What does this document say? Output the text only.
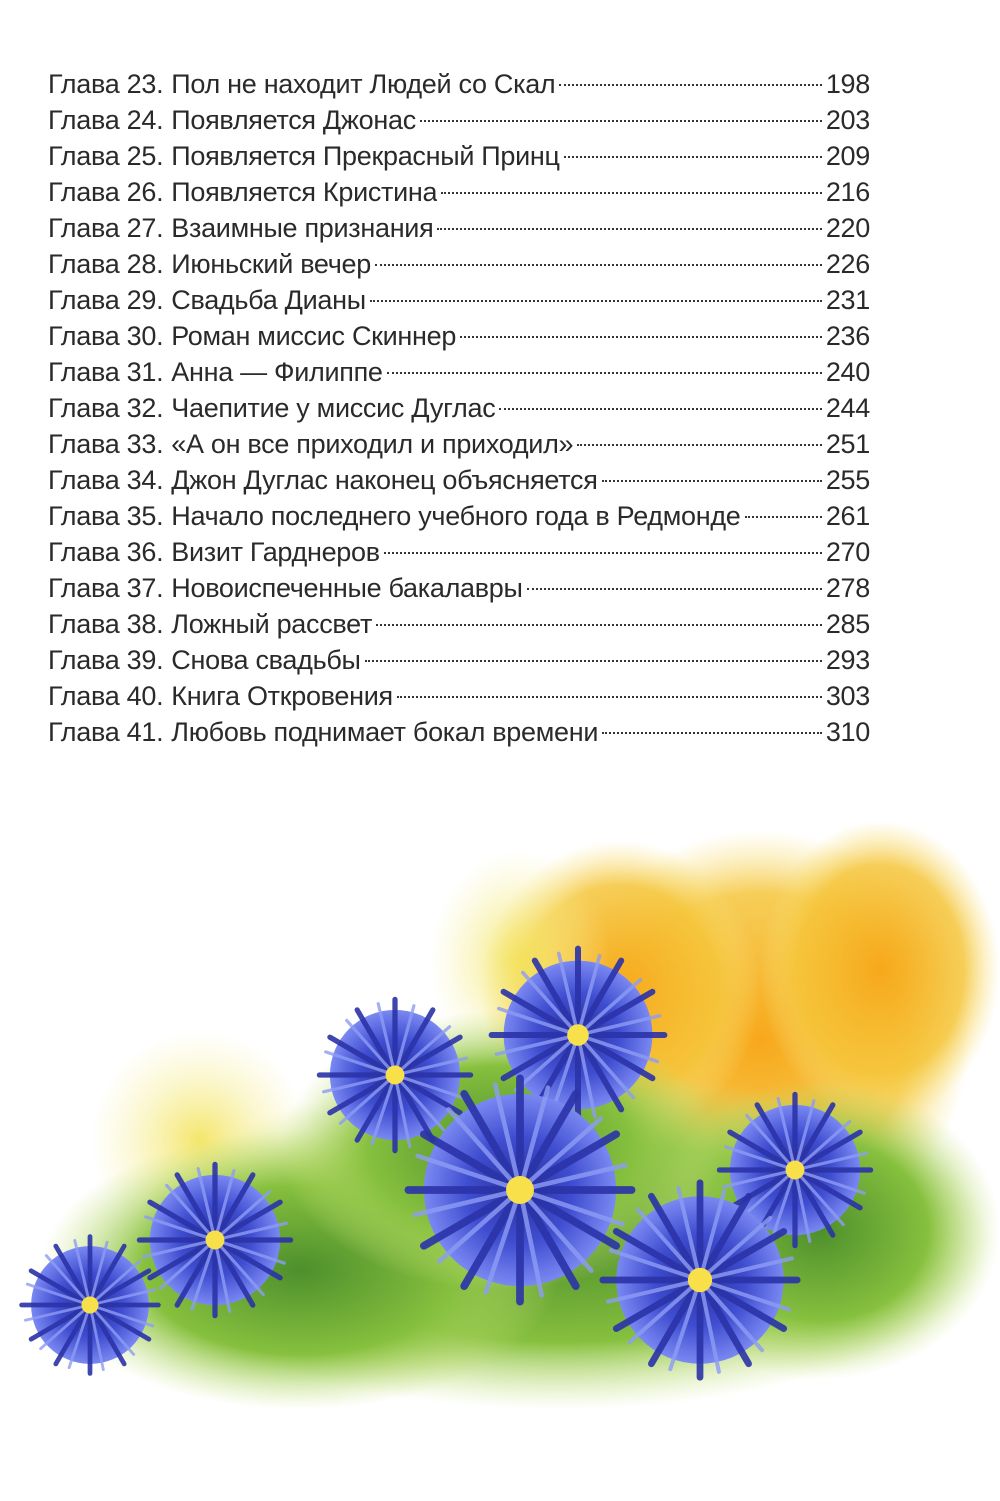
Глава 23. Пол не находит Людей со Скал	198
Глава 24. Появляется Джонас	203
Глава 25. Появляется Прекрасный Принц	209
Глава 26. Появляется Кристина	216
Глава 27. Взаимные признания	220
Глава 28. Июньский вечер	226
Глава 29. Свадьба Дианы	231
Глава 30. Роман миссис Скиннер	236
Глава 31. Анна — Филиппе	240
Глава 32. Чаепитие у миссис Дуглас	244
Глава 33. «А он все приходил и приходил»	251
Глава 34. Джон Дуглас наконец объясняется	255
Глава 35. Начало последнего учебного года в Редмонде	261
Глава 36. Визит Гарднеров	270
Глава 37. Новоиспеченные бакалавры	278
Глава 38. Ложный рассвет	285
Глава 39. Снова свадьбы	293
Глава 40. Книга Откровения	303
Глава 41. Любовь поднимает бокал времени	310
